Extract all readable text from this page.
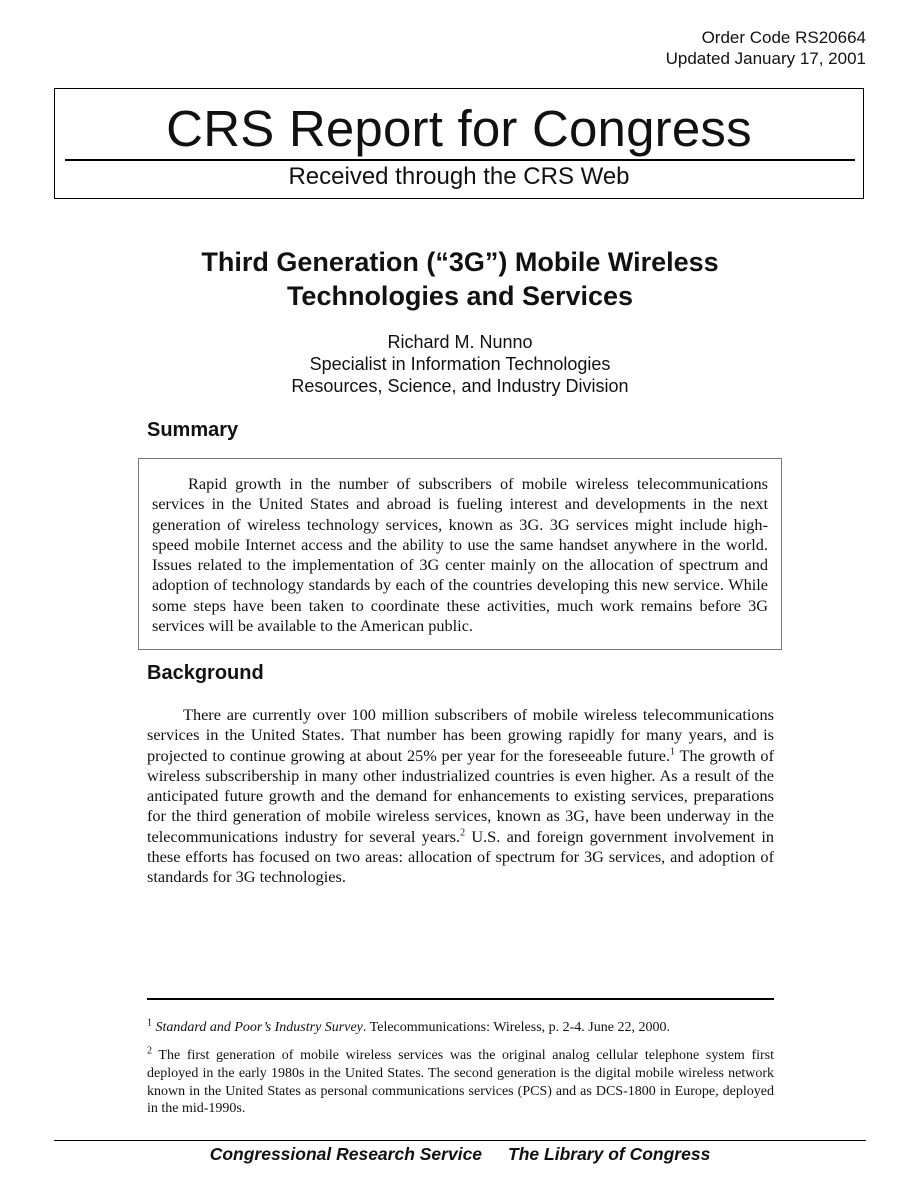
Order Code RS20664
Updated January 17, 2001
CRS Report for Congress
Received through the CRS Web
Third Generation (“3G”) Mobile Wireless
Technologies and Services
Richard M. Nunno
Specialist in Information Technologies
Resources, Science, and Industry Division
Summary

Rapid growth in the number of subscribers of mobile wireless telecommunications services in the United States and abroad is fueling interest and developments in the next generation of wireless technology services, known as 3G. 3G services might include high-speed mobile Internet access and the ability to use the same handset anywhere in the world. Issues related to the implementation of 3G center mainly on the allocation of spectrum and adoption of technology standards by each of the countries developing this new service. While some steps have been taken to coordinate these activities, much work remains before 3G services will be available to the American public.

Background

There are currently over 100 million subscribers of mobile wireless telecommunications services in the United States. That number has been growing rapidly for many years, and is projected to continue growing at about 25% per year for the foreseeable future.$^1$ The growth of wireless subscribership in many other industrialized countries is even higher. As a result of the anticipated future growth and the demand for enhancements to existing services, preparations for the third generation of mobile wireless services, known as 3G, have been underway in the telecommunications industry for several years.$^2$ U.S. and foreign government involvement in these efforts has focused on two areas: allocation of spectrum for 3G services, and adoption of standards for 3G technologies.

$^1$ Standard and Poor’s Industry Survey. Telecommunications: Wireless, p. 2-4. June 22, 2000.

$^2$ The first generation of mobile wireless services was the original analog cellular telephone system first deployed in the early 1980s in the United States. The second generation is the digital mobile wireless network known in the United States as personal communications services (PCS) and as DCS-1800 in Europe, deployed in the mid-1990s.

Congressional Research Service The Library of Congress
